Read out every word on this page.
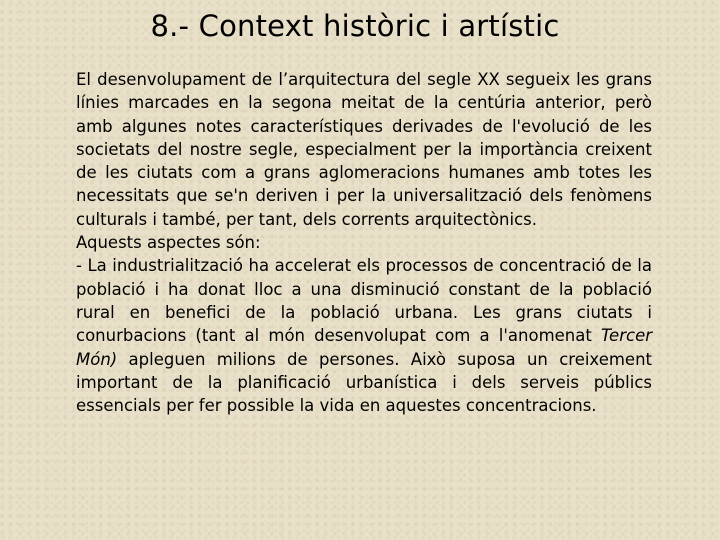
8.- Context històric i artístic

El desenvolupament de l’arquitectura del segle XX segueix les grans línies marcades en la segona meitat de la centúria anterior, però amb algunes notes característiques derivades de l'evolució de les societats del nostre segle, especialment per la importància creixent de les ciutats com a grans aglomeracions humanes amb totes les necessitats que se'n deriven i per la universalització dels fenòmens culturals i també, per tant, dels corrents arquitectònics.

Aquests aspectes són:

- La industrialització ha accelerat els processos de concentració de la població i ha donat lloc a una disminució constant de la població rural en benefici de la població urbana. Les grans ciutats i conurbacions (tant al món desenvolupat com a l'anomenat Tercer Món) apleguen milions de persones. Això suposa un creixement important de la planificació urbanística i dels serveis públics essencials per fer possible la vida en aquestes concentracions.
